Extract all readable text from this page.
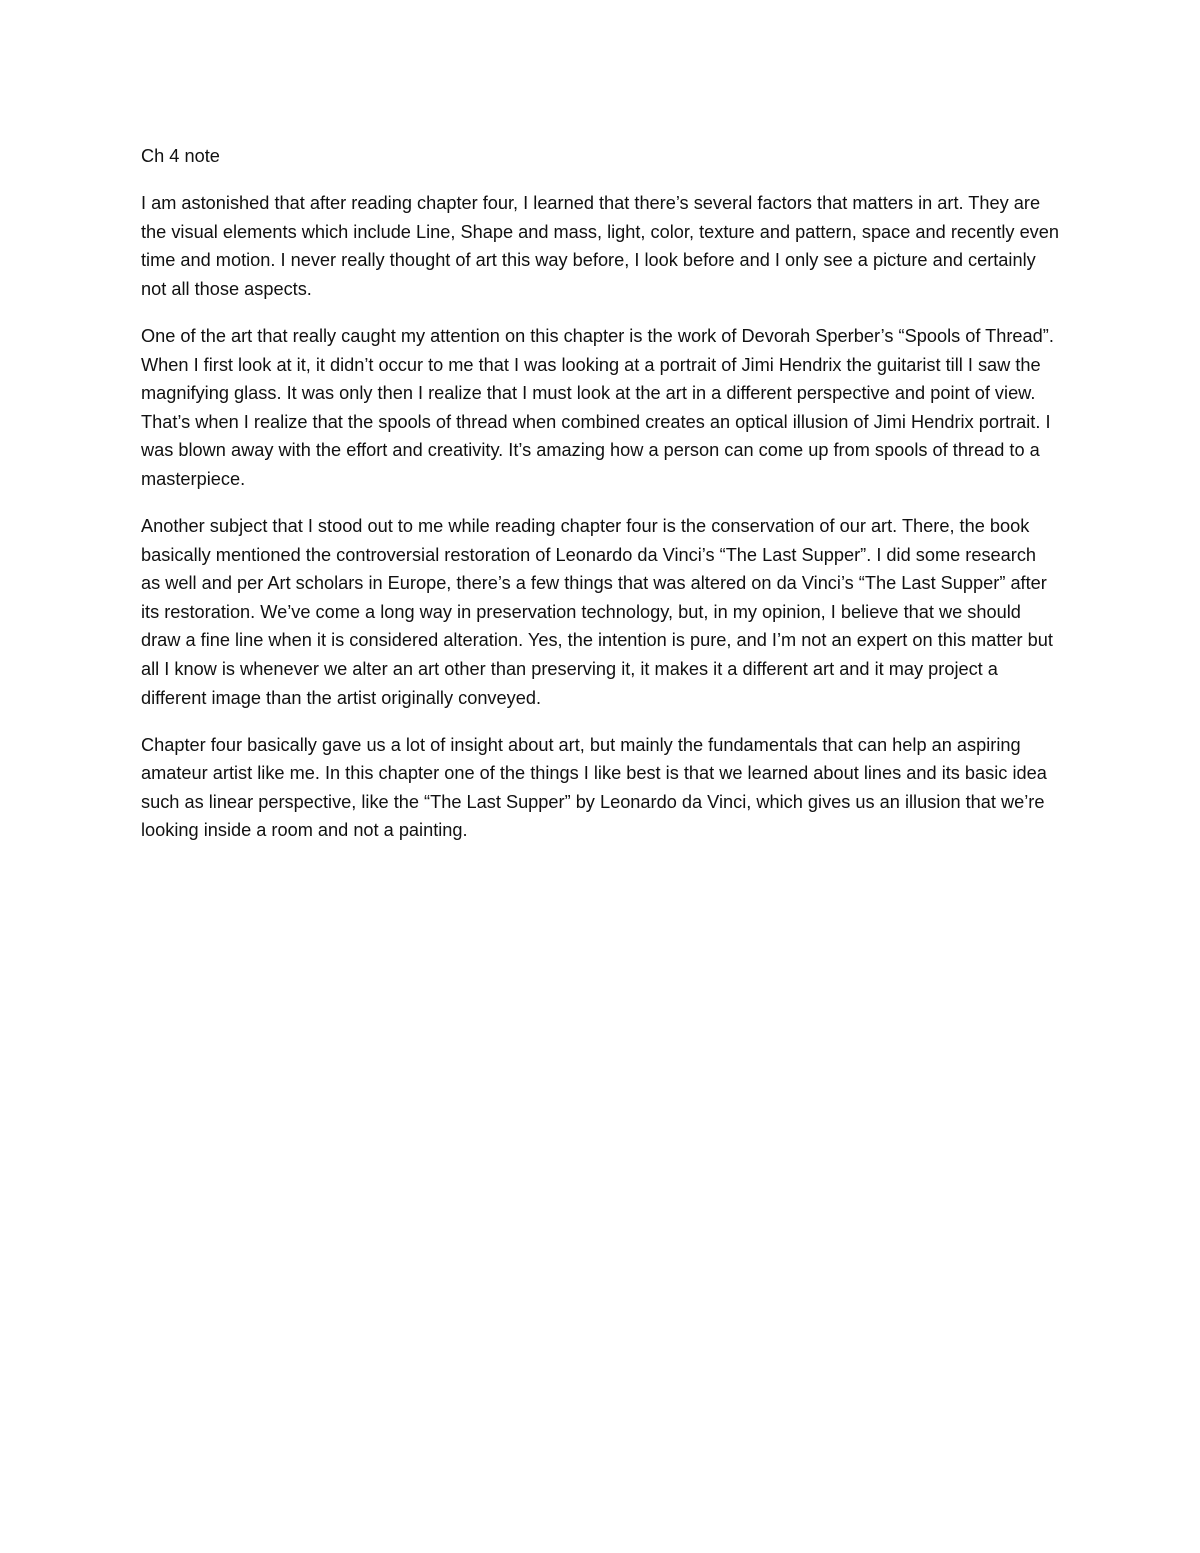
Ch 4 note

I am astonished that after reading chapter four, I learned that there’s several factors that matters in art. They are the visual elements which include Line, Shape and mass, light, color, texture and pattern, space and recently even time and motion. I never really thought of art this way before, I look before and I only see a picture and certainly not all those aspects.

One of the art that really caught my attention on this chapter is the work of Devorah Sperber’s “Spools of Thread”. When I first look at it, it didn’t occur to me that I was looking at a portrait of Jimi Hendrix the guitarist till I saw the magnifying glass. It was only then I realize that I must look at the art in a different perspective and point of view. That’s when I realize that the spools of thread when combined creates an optical illusion of Jimi Hendrix portrait. I was blown away with the effort and creativity. It’s amazing how a person can come up from spools of thread to a masterpiece.

Another subject that I stood out to me while reading chapter four is the conservation of our art. There, the book basically mentioned the controversial restoration of Leonardo da Vinci’s “The Last Supper”. I did some research as well and per Art scholars in Europe, there’s a few things that was altered on da Vinci’s “The Last Supper” after its restoration. We’ve come a long way in preservation technology, but, in my opinion, I believe that we should draw a fine line when it is considered alteration. Yes, the intention is pure, and I’m not an expert on this matter but all I know is whenever we alter an art other than preserving it, it makes it a different art and it may project a different image than the artist originally conveyed.

Chapter four basically gave us a lot of insight about art, but mainly the fundamentals that can help an aspiring amateur artist like me. In this chapter one of the things I like best is that we learned about lines and its basic idea such as linear perspective, like the “The Last Supper” by Leonardo da Vinci, which gives us an illusion that we’re looking inside a room and not a painting.
